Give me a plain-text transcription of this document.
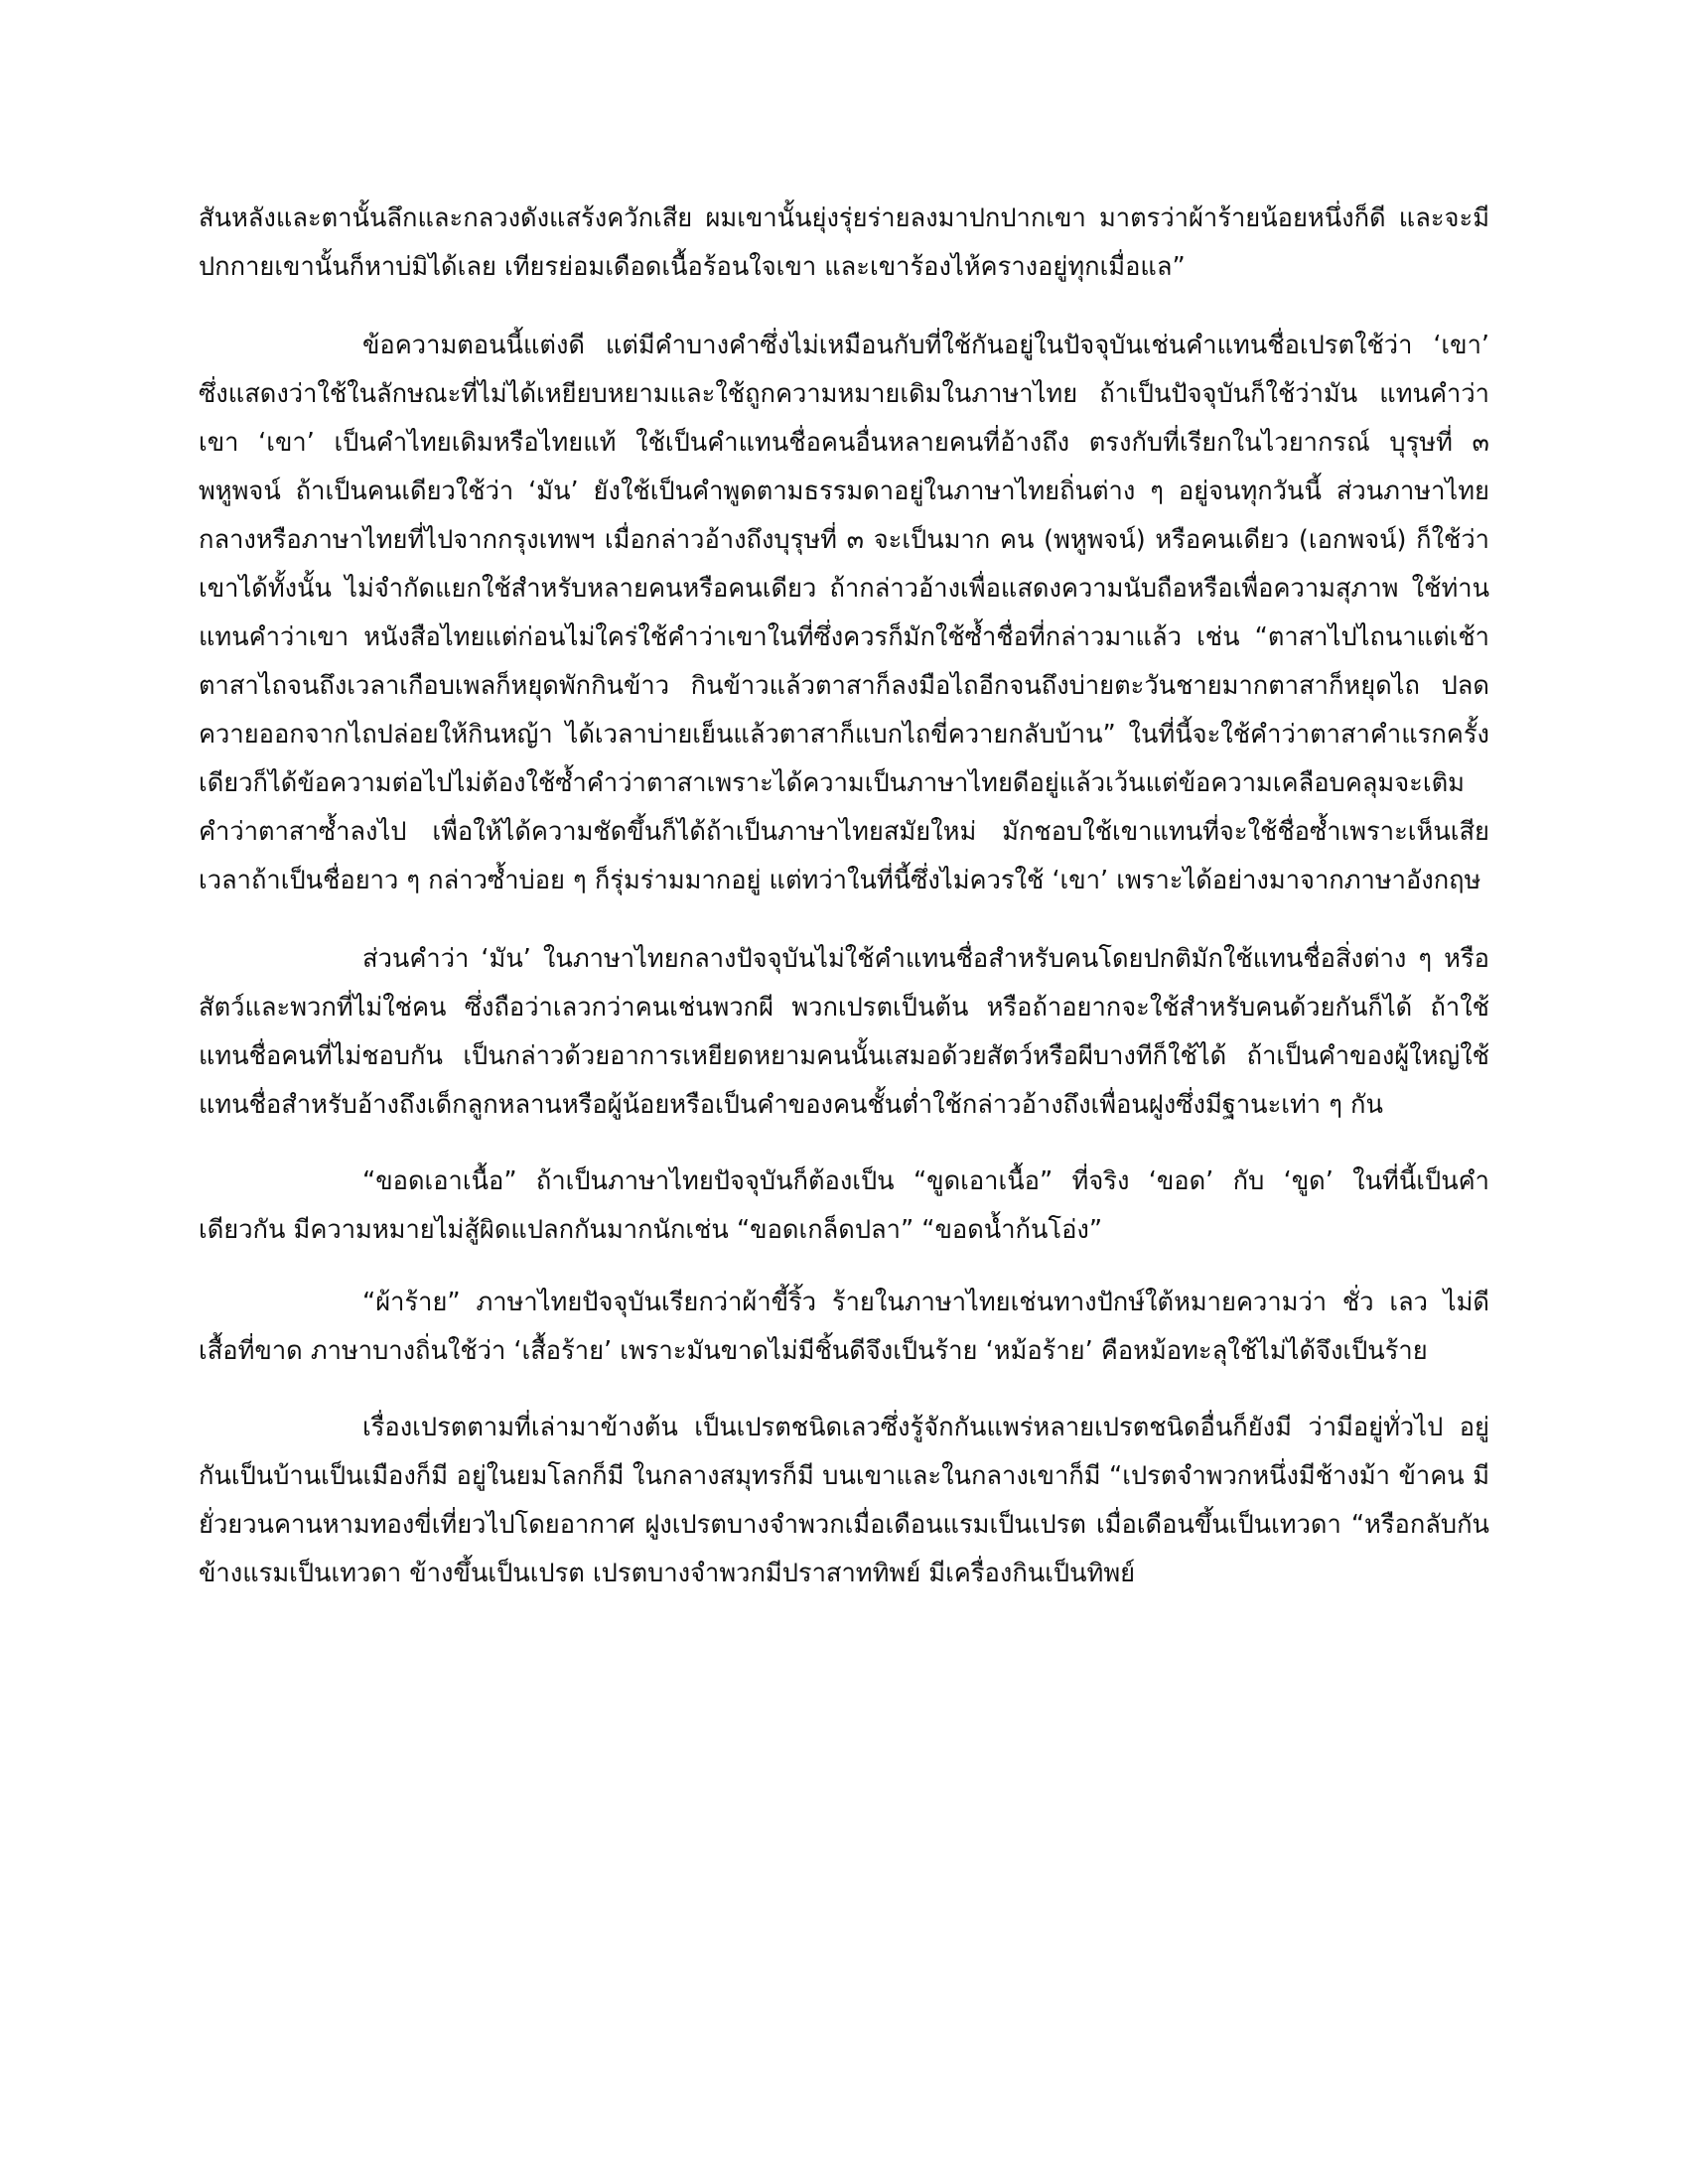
สันหลังและตานั้นลึกและกลวงดังแสร้งควักเสีย ผมเขานั้นยุ่งรุ่ยร่ายลงมาปกปากเขา มาตรว่าผ้าร้ายน้อยหนึ่งก็ดี และจะมีปกกายเขานั้นก็หาบ่มิได้เลย เทียรย่อมเดือดเนื้อร้อนใจเขา และเขาร้องไห้ครางอยู่ทุกเมื่อแล”

ข้อความตอนนี้แต่งดี แต่มีคำบางคำซึ่งไม่เหมือนกับที่ใช้กันอยู่ในปัจจุบันเช่นคำแทนชื่อเปรตใช้ว่า ‘เขา’ ซึ่งแสดงว่าใช้ในลักษณะที่ไม่ได้เหยียบหยามและใช้ถูกความหมายเดิมในภาษาไทย ถ้าเป็นปัจจุบันก็ใช้ว่ามัน แทนคำว่าเขา ‘เขา’ เป็นคำไทยเดิมหรือไทยแท้ ใช้เป็นคำแทนชื่อคนอื่นหลายคนที่อ้างถึง ตรงกับที่เรียกในไวยากรณ์ บุรุษที่ ๓ พหูพจน์ ถ้าเป็นคนเดียวใช้ว่า ‘มัน’ ยังใช้เป็นคำพูดตามธรรมดาอยู่ในภาษาไทยถิ่นต่าง ๆ อยู่จนทุกวันนี้ ส่วนภาษาไทยกลางหรือภาษาไทยที่ไปจากกรุงเทพฯ เมื่อกล่าวอ้างถึงบุรุษที่ ๓ จะเป็นมาก คน (พหูพจน์) หรือคนเดียว (เอกพจน์) ก็ใช้ว่าเขาได้ทั้งนั้น ไม่จำกัดแยกใช้สำหรับหลายคนหรือคนเดียว ถ้ากล่าวอ้างเพื่อแสดงความนับถือหรือเพื่อความสุภาพ ใช้ท่านแทนคำว่าเขา หนังสือไทยแต่ก่อนไม่ใคร่ใช้คำว่าเขาในที่ซึ่งควรก็มักใช้ซ้ำชื่อที่กล่าวมาแล้ว เช่น “ตาสาไปไถนาแต่เช้า ตาสาไถจนถึงเวลาเกือบเพลก็หยุดพักกินข้าว กินข้าวแล้วตาสาก็ลงมือไถอีกจนถึงบ่ายตะวันชายมากตาสาก็หยุดไถ ปลดควายออกจากไถปล่อยให้กินหญ้า ได้เวลาบ่ายเย็นแล้วตาสาก็แบกไถขี่ควายกลับบ้าน” ในที่นี้จะใช้คำว่าตาสาคำแรกครั้งเดียวก็ได้ข้อความต่อไปไม่ต้องใช้ซ้ำคำว่าตาสาเพราะได้ความเป็นภาษาไทยดีอยู่แล้วเว้นแต่ข้อความเคลือบคลุมจะเติมคำว่าตาสาซ้ำลงไป เพื่อให้ได้ความชัดขึ้นก็ได้ถ้าเป็นภาษาไทยสมัยใหม่ มักชอบใช้เขาแทนที่จะใช้ชื่อซ้ำเพราะเห็นเสียเวลาถ้าเป็นชื่อยาว ๆ กล่าวซ้ำบ่อย ๆ ก็รุ่มร่ามมากอยู่ แต่ทว่าในที่นี้ซึ่งไม่ควรใช้ ‘เขา’ เพราะได้อย่างมาจากภาษาอังกฤษ

ส่วนคำว่า ‘มัน’ ในภาษาไทยกลางปัจจุบันไม่ใช้คำแทนชื่อสำหรับคนโดยปกติมักใช้แทนชื่อสิ่งต่าง ๆ หรือสัตว์และพวกที่ไม่ใช่คน ซึ่งถือว่าเลวกว่าคนเช่นพวกผี พวกเปรตเป็นต้น หรือถ้าอยากจะใช้สำหรับคนด้วยกันก็ได้ ถ้าใช้แทนชื่อคนที่ไม่ชอบกัน เป็นกล่าวด้วยอาการเหยียดหยามคนนั้นเสมอด้วยสัตว์หรือผีบางทีก็ใช้ได้ ถ้าเป็นคำของผู้ใหญ่ใช้แทนชื่อสำหรับอ้างถึงเด็กลูกหลานหรือผู้น้อยหรือเป็นคำของคนชั้นต่ำใช้กล่าวอ้างถึงเพื่อนฝูงซึ่งมีฐานะเท่า ๆ กัน

“ขอดเอาเนื้อ” ถ้าเป็นภาษาไทยปัจจุบันก็ต้องเป็น “ขูดเอาเนื้อ” ที่จริง ‘ขอด’ กับ ‘ขูด’ ในที่นี้เป็นคำเดียวกัน มีความหมายไม่สู้ผิดแปลกกันมากนักเช่น “ขอดเกล็ดปลา” “ขอดน้ำก้นโอ่ง”

“ผ้าร้าย” ภาษาไทยปัจจุบันเรียกว่าผ้าขี้ริ้ว ร้ายในภาษาไทยเช่นทางปักษ์ใต้หมายความว่า ชั่ว เลว ไม่ดี เสื้อที่ขาด ภาษาบางถิ่นใช้ว่า ‘เสื้อร้าย’ เพราะมันขาดไม่มีชิ้นดีจึงเป็นร้าย ‘หม้อร้าย’ คือหม้อทะลุใช้ไม่ได้จึงเป็นร้าย

เรื่องเปรตตามที่เล่ามาข้างต้น เป็นเปรตชนิดเลวซึ่งรู้จักกันแพร่หลายเปรตชนิดอื่นก็ยังมี ว่ามีอยู่ทั่วไป อยู่กันเป็นบ้านเป็นเมืองก็มี อยู่ในยมโลกก็มี ในกลางสมุทรก็มี บนเขาและในกลางเขาก็มี “เปรตจำพวกหนึ่งมีช้างม้า ข้าคน มียั่วยวนคานหามทองขี่เที่ยวไปโดยอากาศ ฝูงเปรตบางจำพวกเมื่อเดือนแรมเป็นเปรต เมื่อเดือนขึ้นเป็นเทวดา “หรือกลับกันข้างแรมเป็นเทวดา ข้างขึ้นเป็นเปรต เปรตบางจำพวกมีปราสาททิพย์ มีเครื่องกินเป็นทิพย์
